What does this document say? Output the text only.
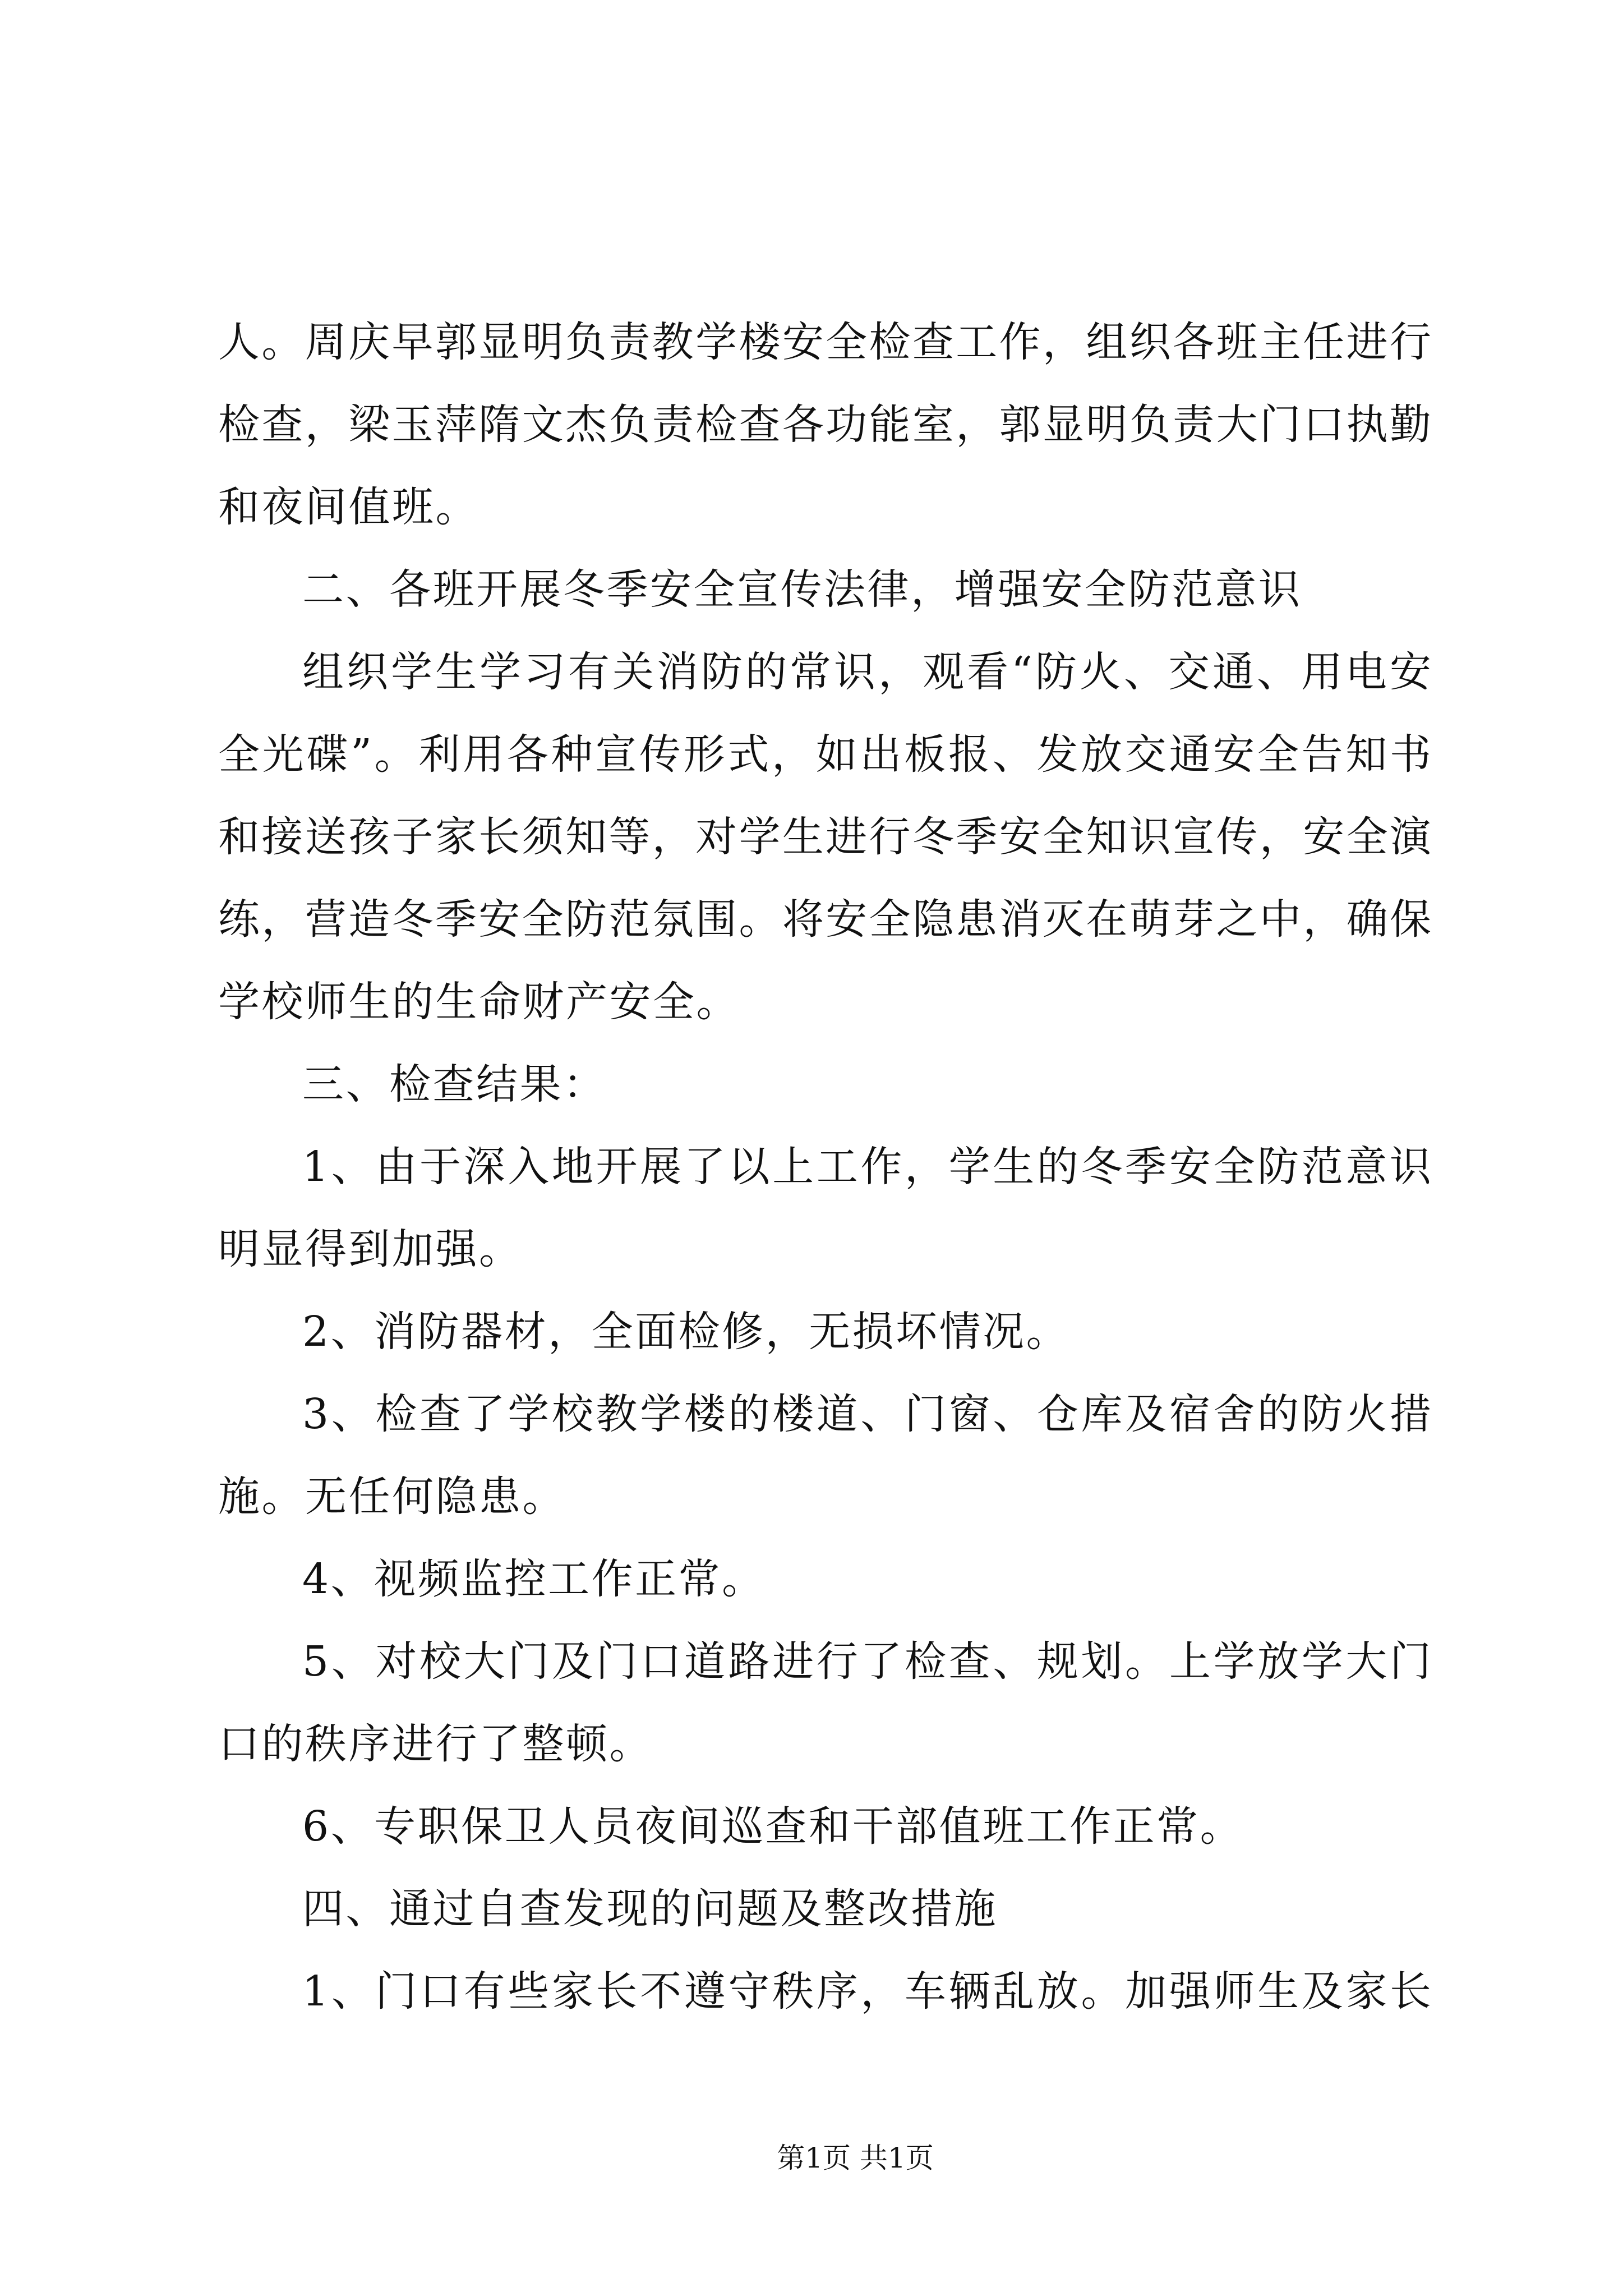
人。周庆早郭显明负责教学楼安全检查工作，组织各班主任进行
检查，梁玉萍隋文杰负责检查各功能室，郭显明负责大门口执勤
和夜间值班。
二、各班开展冬季安全宣传法律，增强安全防范意识
组织学生学习有关消防的常识，观看“防火、交通、用电安
全光碟”。利用各种宣传形式，如出板报、发放交通安全告知书
和接送孩子家长须知等，对学生进行冬季安全知识宣传，安全演
练，营造冬季安全防范氛围。将安全隐患消灭在萌芽之中，确保
学校师生的生命财产安全。
三、检查结果：
1、由于深入地开展了以上工作，学生的冬季安全防范意识
明显得到加强。
2、消防器材，全面检修，无损坏情况。
3、检查了学校教学楼的楼道、门窗、仓库及宿舍的防火措
施。无任何隐患。
4、视频监控工作正常。
5、对校大门及门口道路进行了检查、规划。上学放学大门
口的秩序进行了整顿。
6、专职保卫人员夜间巡查和干部值班工作正常。
四、通过自查发现的问题及整改措施
1、门口有些家长不遵守秩序，车辆乱放。加强师生及家长
第1页 共1页
